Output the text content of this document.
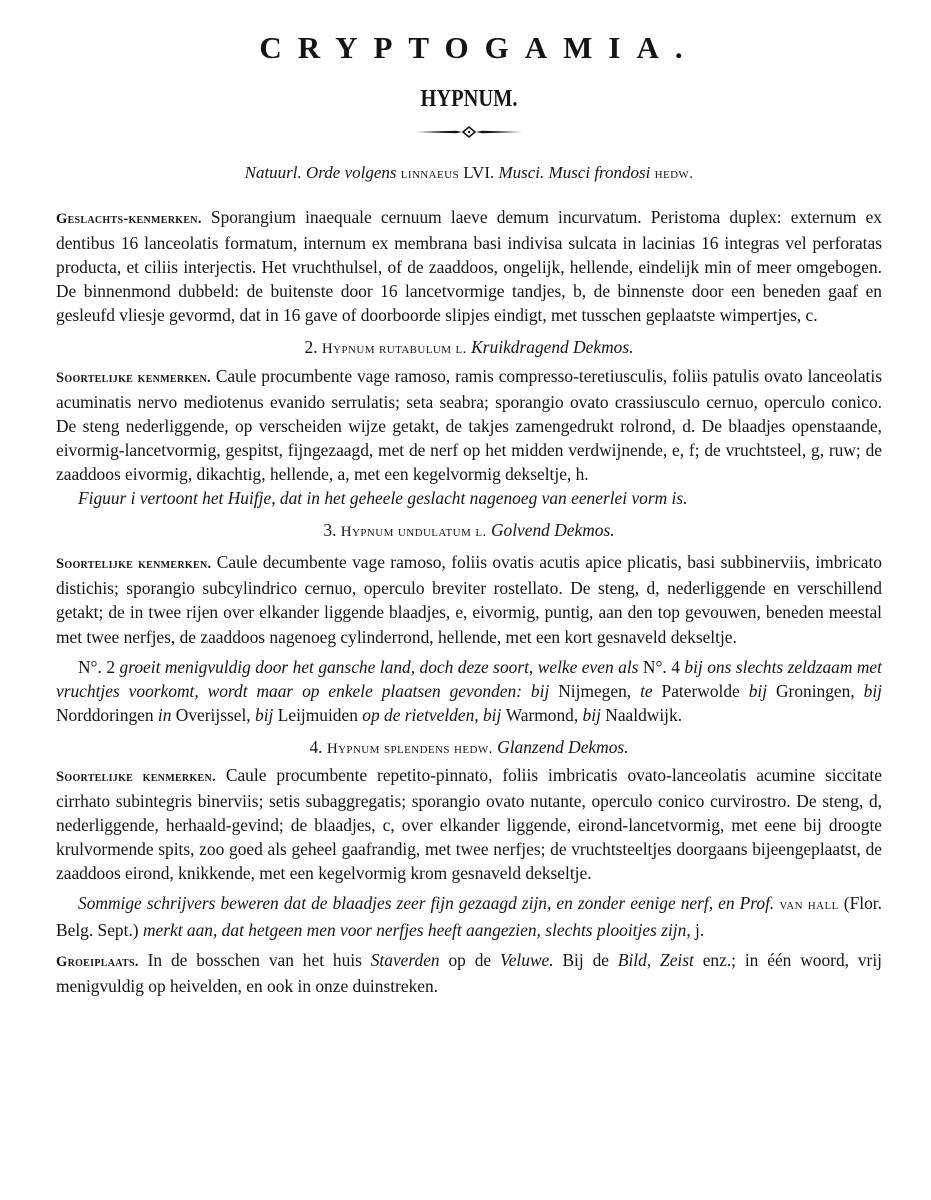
CRYPTOGAMIA.
HYPNUM.
Natuurl. Orde volgens linnaeus LVI. Musci. Musci frondosi hedw.

Geslachts-kenmerken. Sporangium inaequale cernuum laeve demum incurvatum. Peristoma duplex: externum ex dentibus 16 lanceolatis formatum, internum ex membrana basi indivisa sulcata in lacinias 16 integras vel perforatas producta, et ciliis interjectis. Het vruchthulsel, of de zaaddoos, ongelijk, hellende, eindelijk min of meer omgebogen. De binnenmond dubbeld: de buitenste door 16 lancetvormige tandjes, b, de binnenste door een beneden gaaf en gesleufd vliesje gevormd, dat in 16 gave of doorboorde slipjes eindigt, met tusschen geplaatste wimpertjes, c.

2. Hypnum rutabulum l. Kruikdragend Dekmos.

Soortelijke kenmerken. Caule procumbente vage ramoso, ramis compresso-teretiusculis, foliis patulis ovato lanceolatis acuminatis nervo mediotenus evanido serrulatis; seta seabra; sporangio ovato crassiusculo cernuo, operculo conico. De steng nederliggende, op verscheiden wijze getakt, de takjes zamengedrukt rolrond, d. De blaadjes openstaande, eivormig-lancetvormig, gespitst, fijngezaagd, met de nerf op het midden verdwijnende, e, f; de vruchtsteel, g, ruw; de zaaddoos eivormig, dikachtig, hellende, a, met een kegelvormig dekseltje, h.

Figuur i vertoont het Huifje, dat in het geheele geslacht nagenoeg van eenerlei vorm is.

3. Hypnum undulatum l. Golvend Dekmos.

Soortelijke kenmerken. Caule decumbente vage ramoso, foliis ovatis acutis apice plicatis, basi subbinerviis, imbricato distichis; sporangio subcylindrico cernuo, operculo breviter rostellato. De steng, d, nederliggende en verschillend getakt; de in twee rijen over elkander liggende blaadjes, e, eivormig, puntig, aan den top gevouwen, beneden meestal met twee nerfjes, de zaaddoos nagenoeg cylinderrond, hellende, met een kort gesnaveld dekseltje.

N°. 2 groeit menigvuldig door het gansche land, doch deze soort, welke even als N°. 4 bij ons slechts zeldzaam met vruchtjes voorkomt, wordt maar op enkele plaatsen gevonden: bij Nijmegen, te Paterwolde bij Groningen, bij Norddoringen in Overijssel, bij Leijmuiden op de rietvelden, bij Warmond, bij Naaldwijk.

4. Hypnum splendens hedw. Glanzend Dekmos.

Soortelijke kenmerken. Caule procumbente repetito-pinnato, foliis imbricatis ovato-lanceolatis acumine siccitate cirrhato subintegris binerviis; setis subaggregatis; sporangio ovato nutante, operculo conico curvirostro. De steng, d, nederliggende, herhaald-gevind; de blaadjes, c, over elkander liggende, eirond-lancetvormig, met eene bij droogte krulvormende spits, zoo goed als geheel gaafrandig, met twee nerfjes; de vruchtsteeltjes doorgaans bijeengeplaatst, de zaaddoos eirond, knikkende, met een kegelvormig krom gesnaveld dekseltje.

Sommige schrijvers beweren dat de blaadjes zeer fijn gezaagd zijn, en zonder eenige nerf, en Prof. van hall (Flor. Belg. Sept.) merkt aan, dat hetgeen men voor nerfjes heeft aangezien, slechts plooitjes zijn, j.

Groeiplaats. In de bosschen van het huis Staverden op de Veluwe. Bij de Bild, Zeist enz.; in één woord, vrij menigvuldig op heivelden, en ook in onze duinstreken.
